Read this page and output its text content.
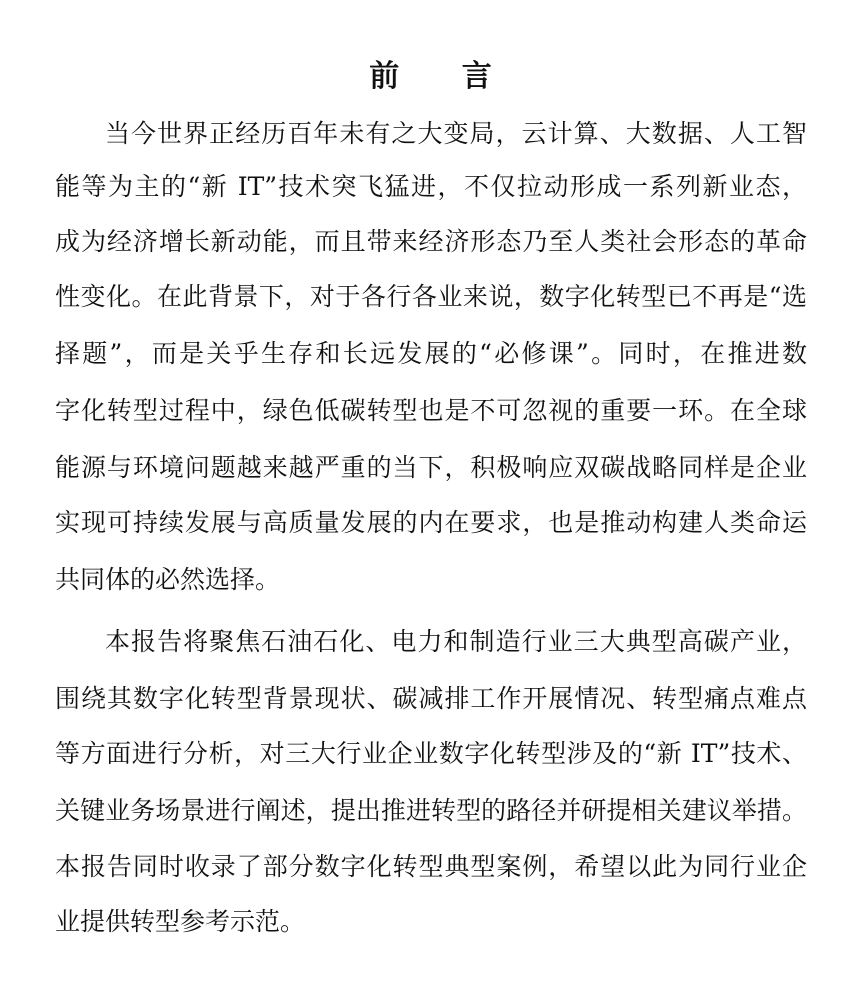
前 言
当今世界正经历百年未有之大变局，云计算、大数据、人工智
能等为主的“新 IT”技术突飞猛进，不仅拉动形成一系列新业态，
成为经济增长新动能，而且带来经济形态乃至人类社会形态的革命
性变化。在此背景下，对于各行各业来说，数字化转型已不再是“选
择题”，而是关乎生存和长远发展的“必修课”。同时，在推进数
字化转型过程中，绿色低碳转型也是不可忽视的重要一环。在全球
能源与环境问题越来越严重的当下，积极响应双碳战略同样是企业
实现可持续发展与高质量发展的内在要求，也是推动构建人类命运
共同体的必然选择。
本报告将聚焦石油石化、电力和制造行业三大典型高碳产业，
围绕其数字化转型背景现状、碳减排工作开展情况、转型痛点难点
等方面进行分析，对三大行业企业数字化转型涉及的“新 IT”技术、
关键业务场景进行阐述，提出推进转型的路径并研提相关建议举措。
本报告同时收录了部分数字化转型典型案例，希望以此为同行业企
业提供转型参考示范。
